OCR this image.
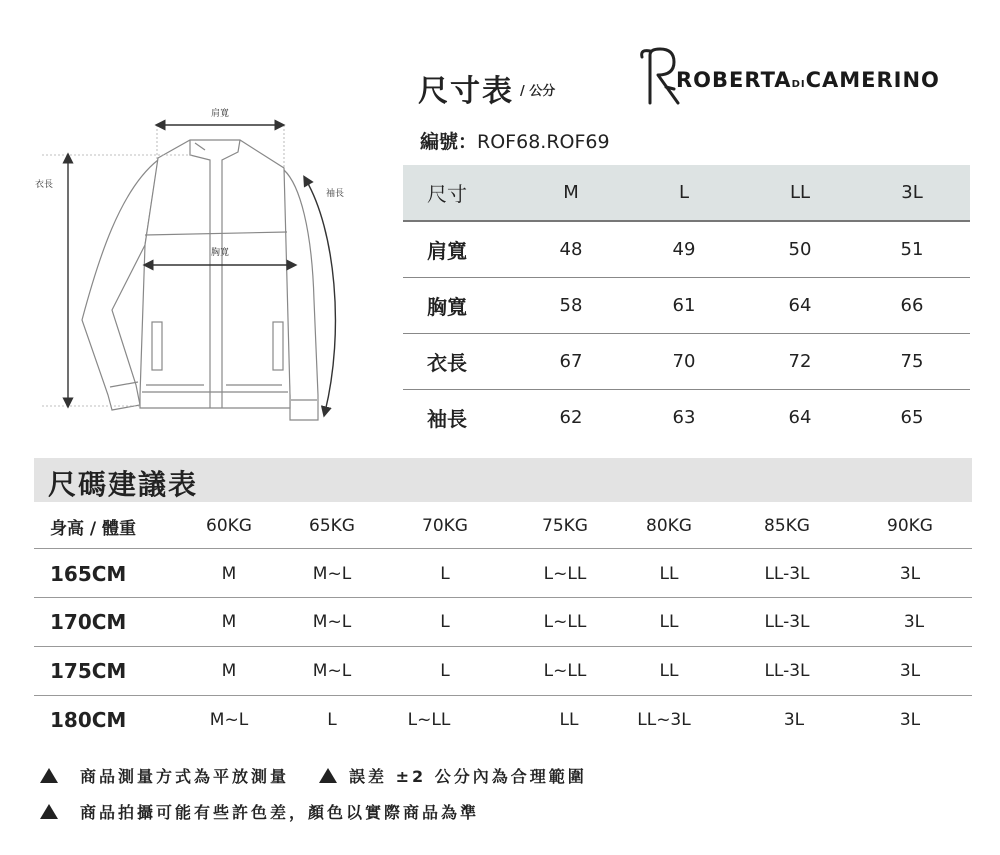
肩寬
胸寬
衣長
袖長
尺寸表 / 公分	ROBERTADICAMERINO
編號：ROF68.ROF69
尺寸	M	L	LL	3L
肩寬	48	49	50	51
胸寬	58	61	64	66
衣長	67	70	72	75
袖長	62	63	64	65
尺碼建議表
身高 / 體重	60KG	65KG	70KG	75KG	80KG	85KG	90KG
165CM	M	M~L	L	L~LL	LL	LL-3L	3L
170CM	M	M~L	L	L~LL	LL	LL-3L	3L
175CM	M	M~L	L	L~LL	LL	LL-3L	3L
180CM	M~L	L	L~LL	LL	LL~3L	3L	3L
商品測量方式為平放測量	誤差 ±2 公分內為合理範圍
商品拍攝可能有些許色差，顏色以實際商品為準
